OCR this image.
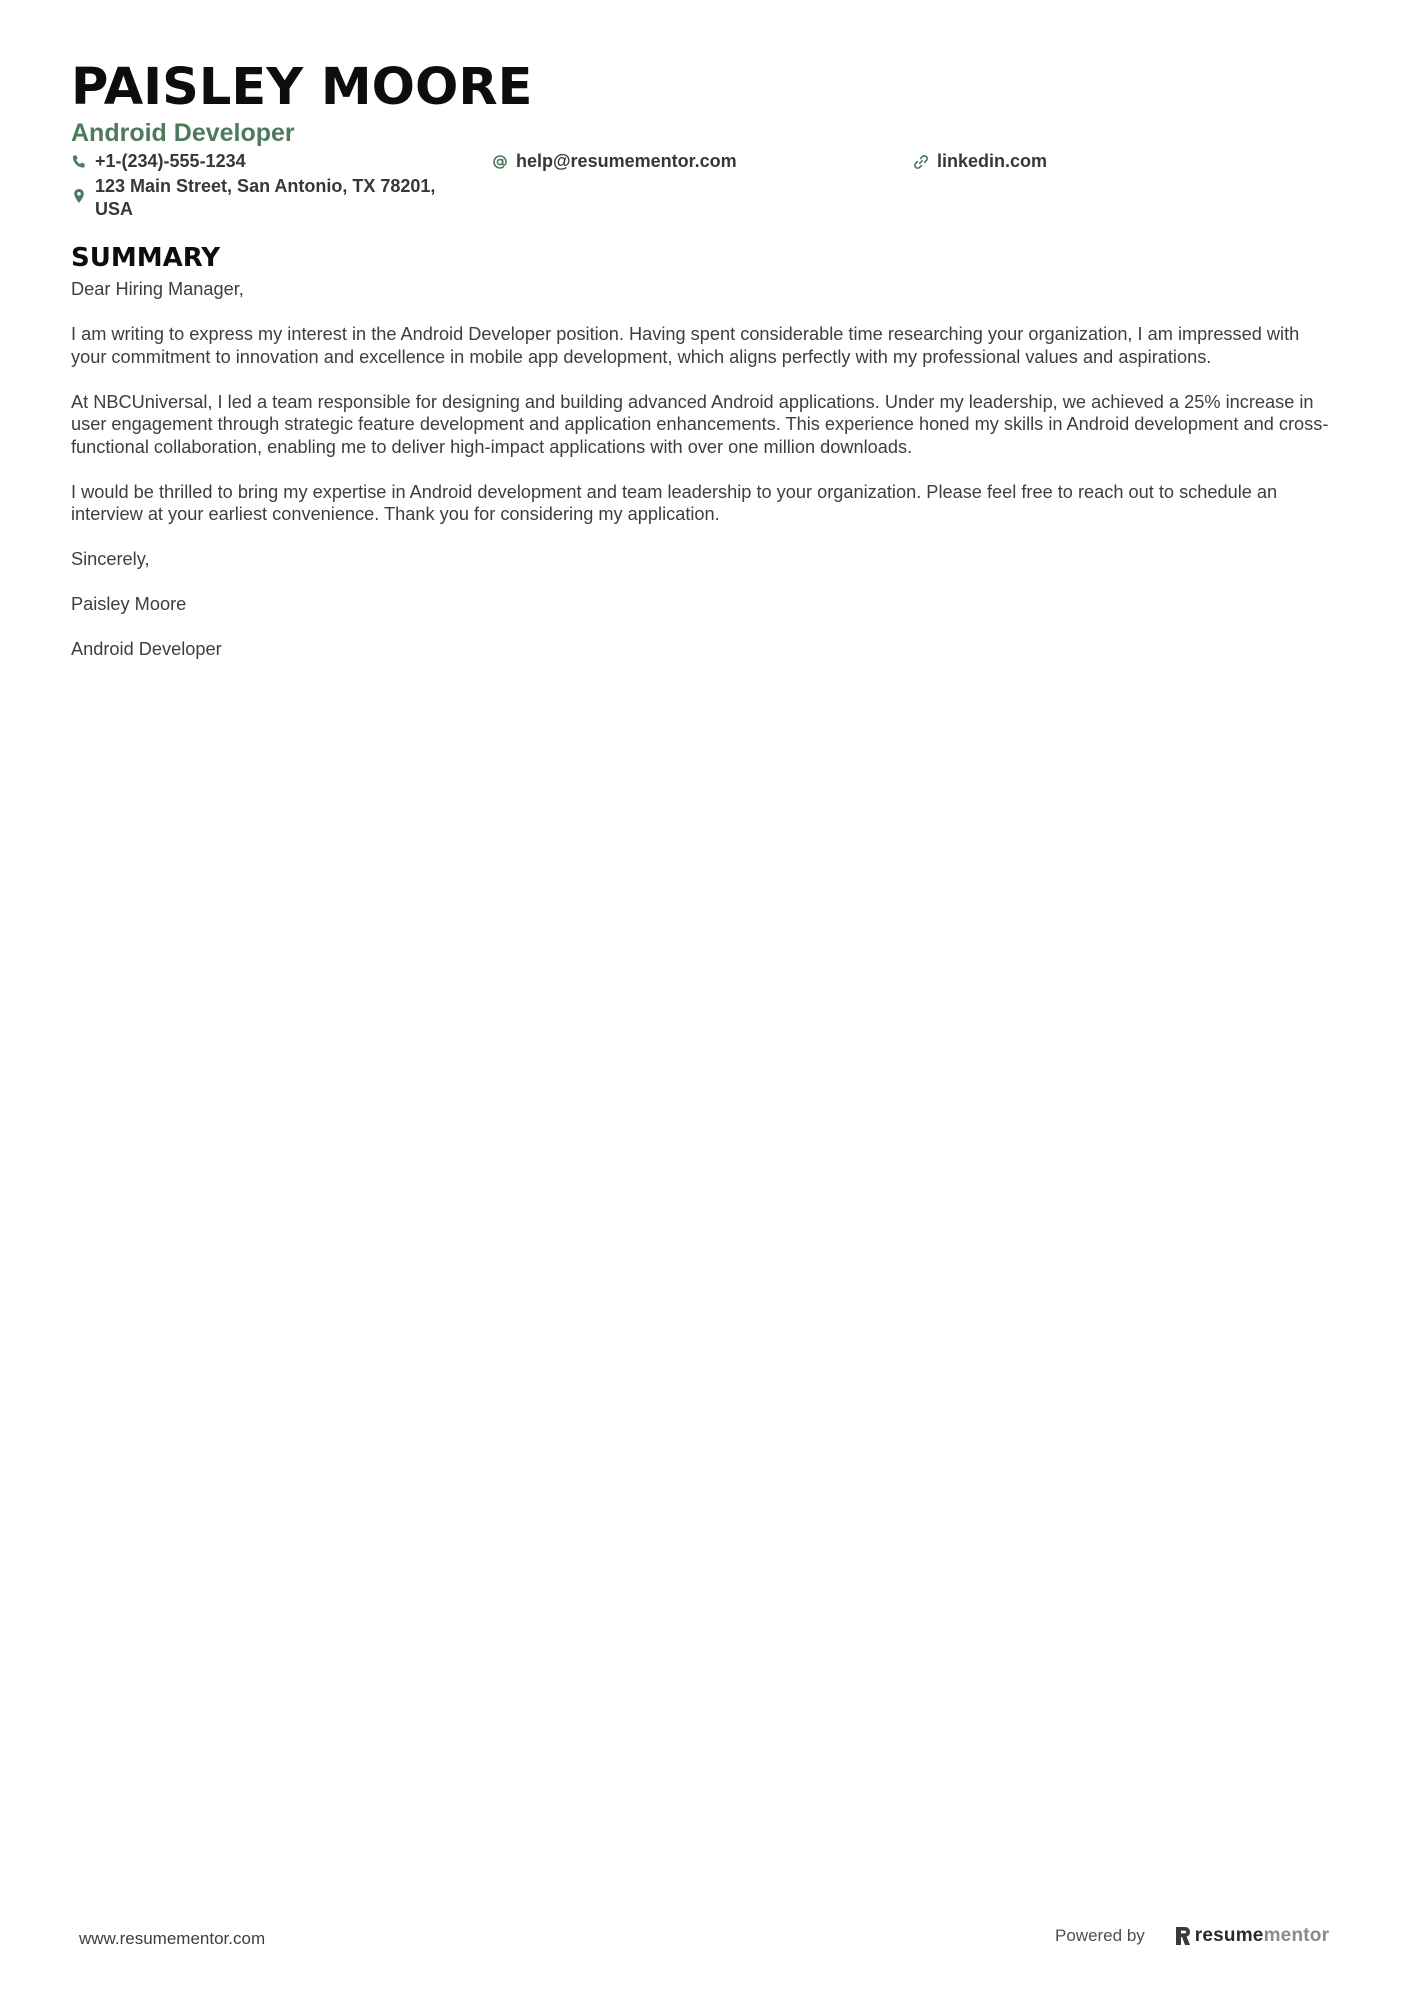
PAISLEY MOORE
Android Developer
+1-(234)-555-1234	help@resumementor.com	linkedin.com
123 Main Street, San Antonio, TX 78201, USA
SUMMARY

Dear Hiring Manager,

I am writing to express my interest in the Android Developer position. Having spent considerable time researching your organization, I am impressed with your commitment to innovation and excellence in mobile app development, which aligns perfectly with my professional values and aspirations.

At NBCUniversal, I led a team responsible for designing and building advanced Android applications. Under my leadership, we achieved a 25% increase in user engagement through strategic feature development and application enhancements. This experience honed my skills in Android development and cross-functional collaboration, enabling me to deliver high-impact applications with over one million downloads.

I would be thrilled to bring my expertise in Android development and team leadership to your organization. Please feel free to reach out to schedule an interview at your earliest convenience. Thank you for considering my application.

Sincerely,

Paisley Moore

Android Developer

www.resumementor.com	Powered by	resumementor
